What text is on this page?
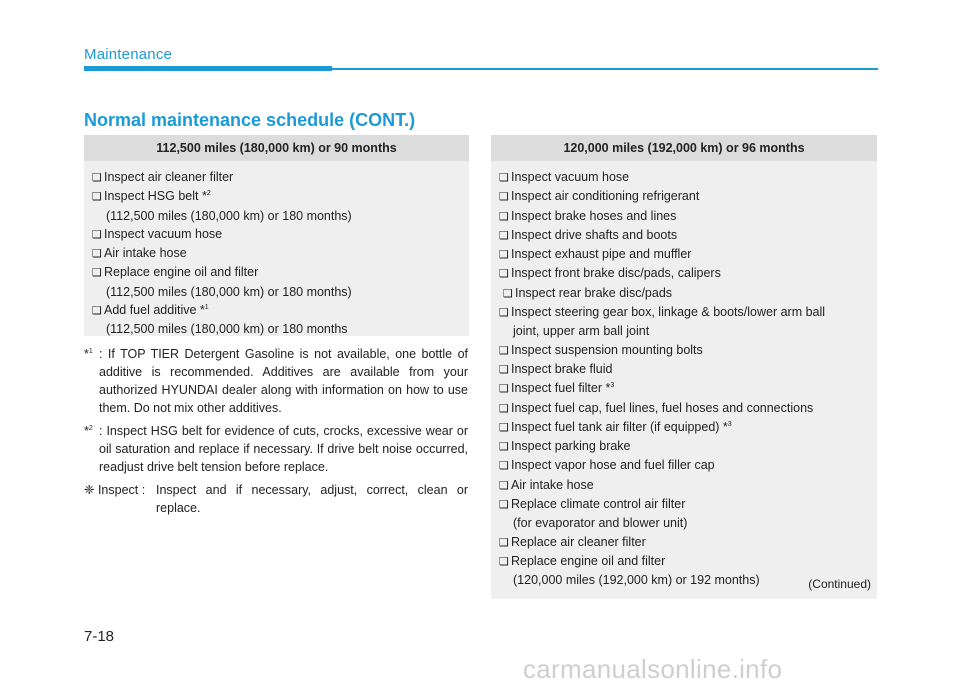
Maintenance
Normal maintenance schedule (CONT.)
112,500 miles (180,000 km) or 90 months
❑ Inspect air cleaner filter
❑ Inspect HSG belt *$^2$
(112,500 miles (180,000 km) or 180 months)
❑ Inspect vacuum hose
❑ Air intake hose
❑ Replace engine oil and filter
(112,500 miles (180,000 km) or 180 months)
❑ Add fuel additive *$^1$
(112,500 miles (180,000 km) or 180 months
*$^1$ : If TOP TIER Detergent Gasoline is not available, one bottle of additive is recommended. Additives are available from your authorized HYUNDAI dealer along with information on how to use them. Do not mix other additives.
*$^2$ : Inspect HSG belt for evidence of cuts, crocks, excessive wear or oil saturation and replace if necessary. If drive belt noise occurred, readjust drive belt tension before replace.
❈ Inspect : Inspect and if necessary, adjust, correct, clean or replace.
120,000 miles (192,000 km) or 96 months
❑ Inspect vacuum hose
❑ Inspect air conditioning refrigerant
❑ Inspect brake hoses and lines
❑ Inspect drive shafts and boots
❑ Inspect exhaust pipe and muffler
❑ Inspect front brake disc/pads, calipers
❑ Inspect rear brake disc/pads
❑ Inspect steering gear box, linkage & boots/lower arm ball
joint, upper arm ball joint
❑ Inspect suspension mounting bolts
❑ Inspect brake fluid
❑ Inspect fuel filter *$^3$
❑ Inspect fuel cap, fuel lines, fuel hoses and connections
❑ Inspect fuel tank air filter (if equipped) *$^3$
❑ Inspect parking brake
❑ Inspect vapor hose and fuel filler cap
❑ Air intake hose
❑ Replace climate control air filter
(for evaporator and blower unit)
❑ Replace air cleaner filter
❑ Replace engine oil and filter
(120,000 miles (192,000 km) or 192 months)	(Continued)
7-18
carmanualsonline.info
